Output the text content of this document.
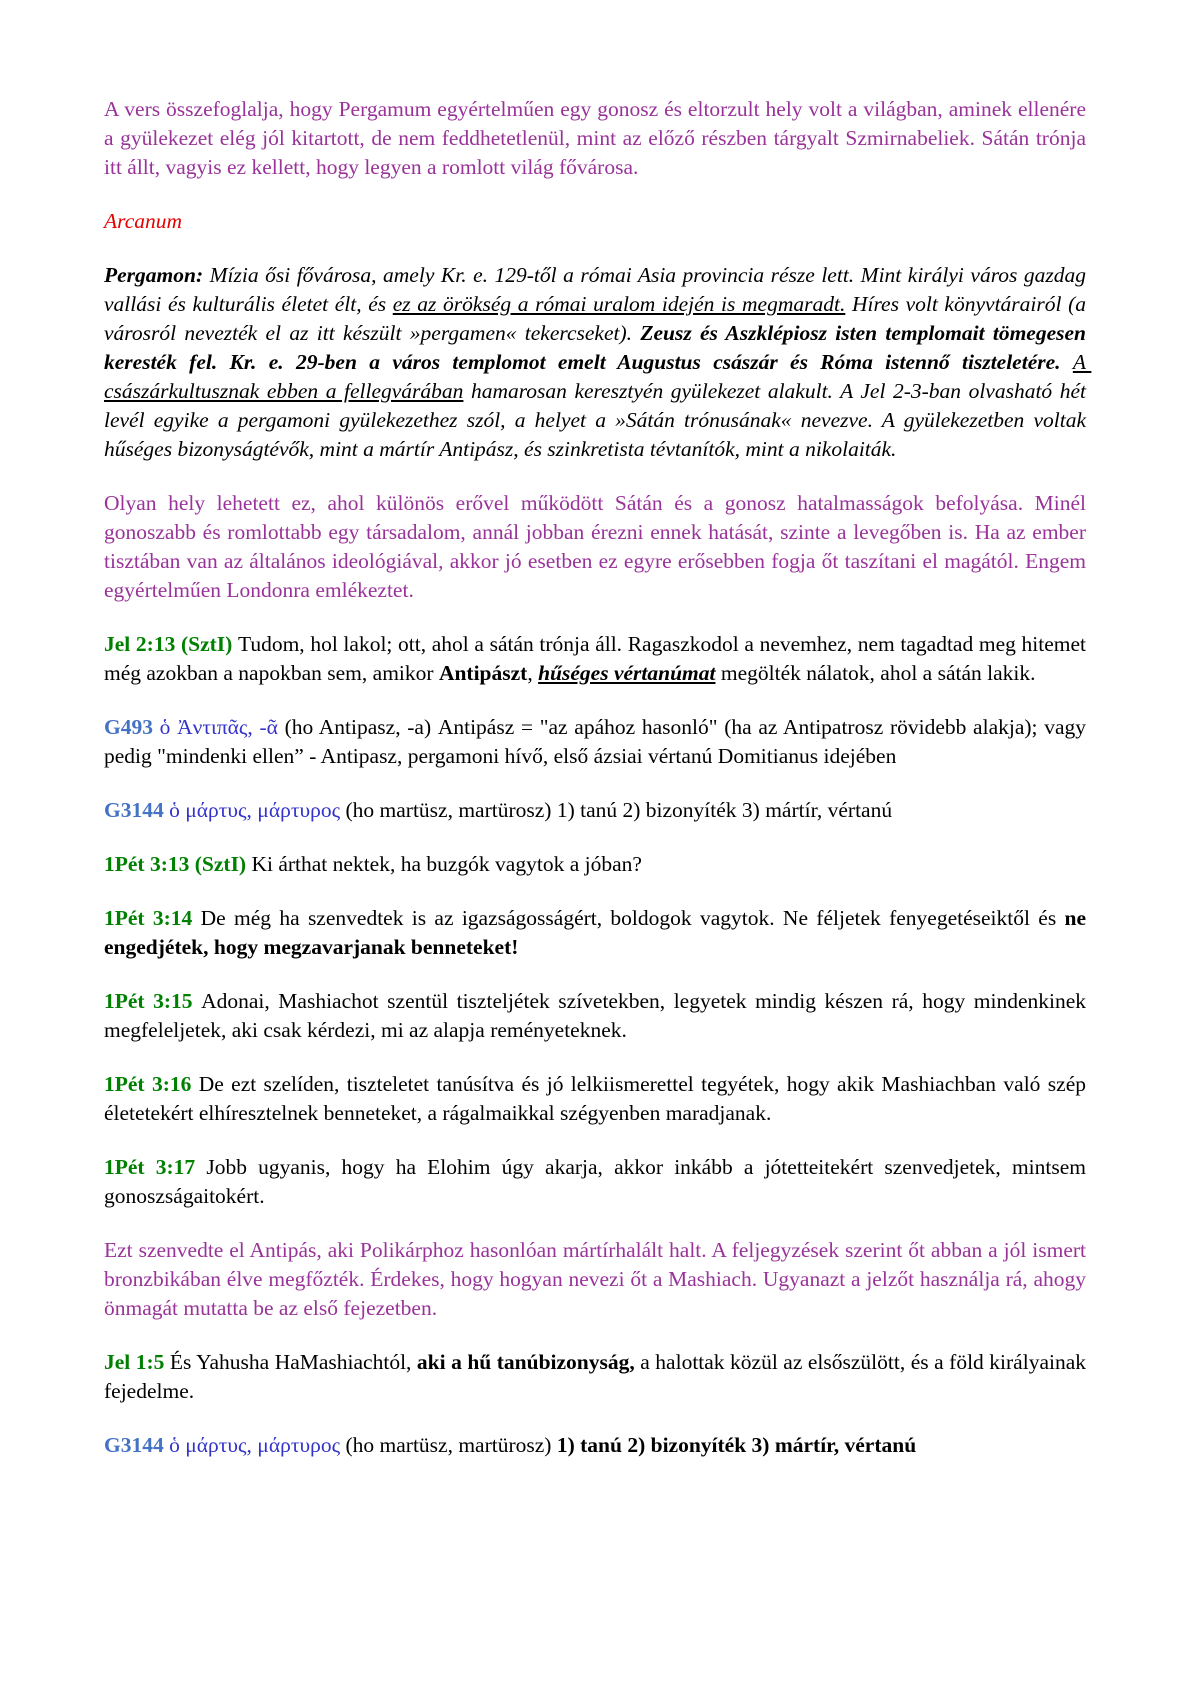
A vers összefoglalja, hogy Pergamum egyértelműen egy gonosz és eltorzult hely volt a világban, aminek ellenére a gyülekezet elég jól kitartott, de nem feddhetetlenül, mint az előző részben tárgyalt Szmirnabeliek. Sátán trónja itt állt, vagyis ez kellett, hogy legyen a romlott világ fővárosa.

Arcanum

Pergamon: Mízia ősi fővárosa, amely Kr. e. 129-től a római Asia provincia része lett. Mint királyi város gazdag vallási és kulturális életet élt, és ez az örökség a római uralom idején is megmaradt. Híres volt könyvtárairól (a városról nevezték el az itt készült »pergamen« tekercseket). Zeusz és Aszklépiosz isten templomait tömegesen keresték fel. Kr. e. 29-ben a város templomot emelt Augustus császár és Róma istennő tiszteletére. A császárkultusznak ebben a fellegvárában hamarosan keresztyén gyülekezet alakult. A Jel 2-3-ban olvasható hét levél egyike a pergamoni gyülekezethez szól, a helyet a »Sátán trónusának« nevezve. A gyülekezetben voltak hűséges bizonyságtévők, mint a mártír Antipász, és szinkretista tévtanítók, mint a nikolaiták.

Olyan hely lehetett ez, ahol különös erővel működött Sátán és a gonosz hatalmasságok befolyása. Minél gonoszabb és romlottabb egy társadalom, annál jobban érezni ennek hatását, szinte a levegőben is. Ha az ember tisztában van az általános ideológiával, akkor jó esetben ez egyre erősebben fogja őt taszítani el magától. Engem egyértelműen Londonra emlékeztet.

Jel 2:13 (SztI) Tudom, hol lakol; ott, ahol a sátán trónja áll. Ragaszkodol a nevemhez, nem tagadtad meg hitemet még azokban a napokban sem, amikor Antipászt, hűséges vértanúmat megölték nálatok, ahol a sátán lakik.

G493 ὁ Ἀντιπᾶς, -ᾶ (ho Antipasz, -a) Antipász = "az apához hasonló" (ha az Antipatrosz rövidebb alakja); vagy pedig "mindenki ellen” - Antipasz, pergamoni hívő, első ázsiai vértanú Domitianus idejében

G3144 ὁ μάρτυς, μάρτυρος (ho martüsz, martürosz) 1) tanú 2) bizonyíték 3) mártír, vértanú

1Pét 3:13 (SztI) Ki árthat nektek, ha buzgók vagytok a jóban?

1Pét 3:14 De még ha szenvedtek is az igazságosságért, boldogok vagytok. Ne féljetek fenyegetéseiktől és ne engedjétek, hogy megzavarjanak benneteket!

1Pét 3:15 Adonai, Mashiachot szentül tiszteljétek szívetekben, legyetek mindig készen rá, hogy mindenkinek megfeleljetek, aki csak kérdezi, mi az alapja reményeteknek.

1Pét 3:16 De ezt szelíden, tiszteletet tanúsítva és jó lelkiismerettel tegyétek, hogy akik Mashiachban való szép életetekért elhíresztelnek benneteket, a rágalmaikkal szégyenben maradjanak.

1Pét 3:17 Jobb ugyanis, hogy ha Elohim úgy akarja, akkor inkább a jótetteitekért szenvedjetek, mintsem gonoszságaitokért.

Ezt szenvedte el Antipás, aki Polikárphoz hasonlóan mártírhalált halt. A feljegyzések szerint őt abban a jól ismert bronzbikában élve megfőzték. Érdekes, hogy hogyan nevezi őt a Mashiach. Ugyanazt a jelzőt használja rá, ahogy önmagát mutatta be az első fejezetben.

Jel 1:5 És Yahusha HaMashiachtól, aki a hű tanúbizonyság, a halottak közül az elsőszülött, és a föld királyainak fejedelme.

G3144 ὁ μάρτυς, μάρτυρος (ho martüsz, martürosz) 1) tanú 2) bizonyíték 3) mártír, vértanú
